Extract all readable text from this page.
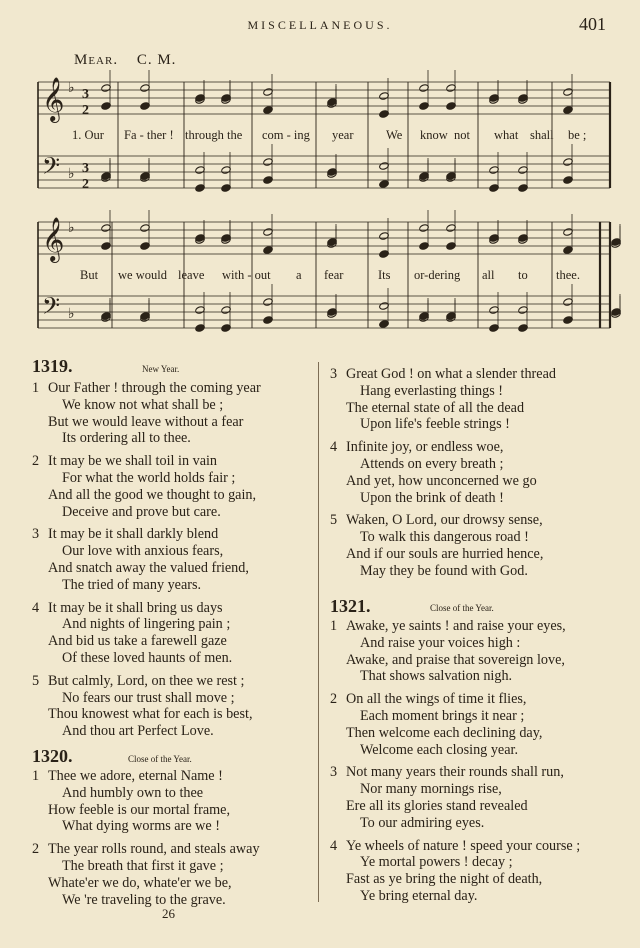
MISCELLANEOUS.	401
Mear. C. M.
𝄞
𝄢
♭
♭
3
2
3
2
𝄞
𝄢
♭
♭
1. Our Fa - ther ! through the com - ing year	We know not what shall be ;
But we would leave with - out a fear	Its or-dering all to thee.
1319.	New Year.
1 Our Father ! through the coming year
We know not what shall be ;
But we would leave without a fear
Its ordering all to thee.
2 It may be we shall toil in vain
For what the world holds fair ;
And all the good we thought to gain,
Deceive and prove but care.
3 It may be it shall darkly blend
Our love with anxious fears,
And snatch away the valued friend,
The tried of many years.
4 It may be it shall bring us days
And nights of lingering pain ;
And bid us take a farewell gaze
Of these loved haunts of men.
5 But calmly, Lord, on thee we rest ;
No fears our trust shall move ;
Thou knowest what for each is best,
And thou art Perfect Love.
1320.	Close of the Year.
1 Thee we adore, eternal Name !
And humbly own to thee
How feeble is our mortal frame,
What dying worms are we !
2 The year rolls round, and steals away
The breath that first it gave ;
Whate'er we do, whate'er we be,
We 're traveling to the grave.
3 Great God ! on what a slender thread
Hang everlasting things !
The eternal state of all the dead
Upon life's feeble strings !
4 Infinite joy, or endless woe,
Attends on every breath ;
And yet, how unconcerned we go
Upon the brink of death !
5 Waken, O Lord, our drowsy sense,
To walk this dangerous road !
And if our souls are hurried hence,
May they be found with God.
1321.	Close of the Year.
1 Awake, ye saints ! and raise your eyes,
And raise your voices high :
Awake, and praise that sovereign love,
That shows salvation nigh.
2 On all the wings of time it flies,
Each moment brings it near ;
Then welcome each declining day,
Welcome each closing year.
3 Not many years their rounds shall run,
Nor many mornings rise,
Ere all its glories stand revealed
To our admiring eyes.
4 Ye wheels of nature ! speed your course ;
Ye mortal powers ! decay ;
Fast as ye bring the night of death,
Ye bring eternal day.
26
